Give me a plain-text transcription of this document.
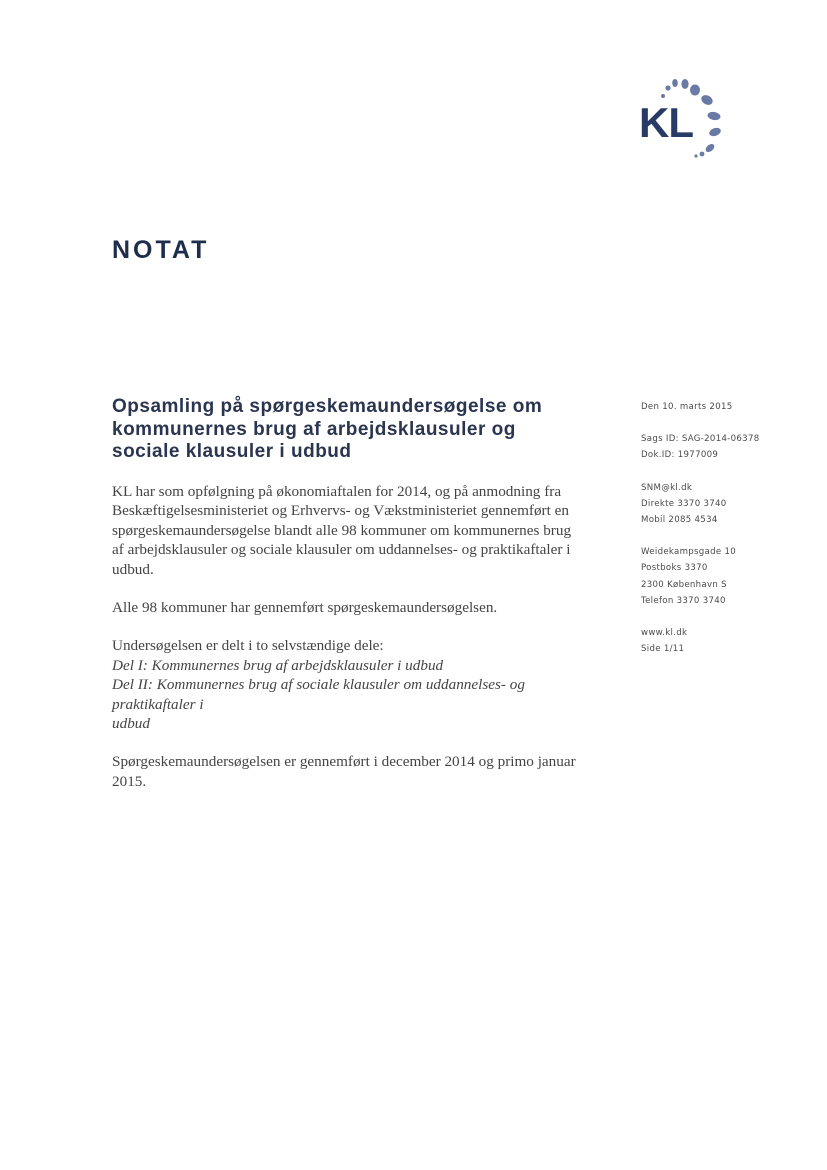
KL
NOTAT
Opsamling på spørgeskemaundersøgelse om
kommunernes brug af arbejdsklausuler og
sociale klausuler i udbud

KL har som opfølgning på økonomiaftalen for 2014, og på anmodning fra
Beskæftigelsesministeriet og Erhvervs- og Vækstministeriet gennemført en
spørgeskemaundersøgelse blandt alle 98 kommuner om kommunernes brug
af arbejdsklausuler og sociale klausuler om uddannelses- og praktikaftaler i
udbud.

Alle 98 kommuner har gennemført spørgeskemaundersøgelsen.

Undersøgelsen er delt i to selvstændige dele:
Del I: Kommunernes brug af arbejdsklausuler i udbud
Del II: Kommunernes brug af sociale klausuler om uddannelses- og praktikaftaler i
udbud

Spørgeskemaundersøgelsen er gennemført i december 2014 og primo januar
2015.

Den 10. marts 2015
Sags ID: SAG-2014-06378
Dok.ID: 1977009
SNM@kl.dk
Direkte 3370 3740
Mobil 2085 4534
Weidekampsgade 10
Postboks 3370
2300 København S
Telefon 3370 3740
www.kl.dk
Side 1/11
